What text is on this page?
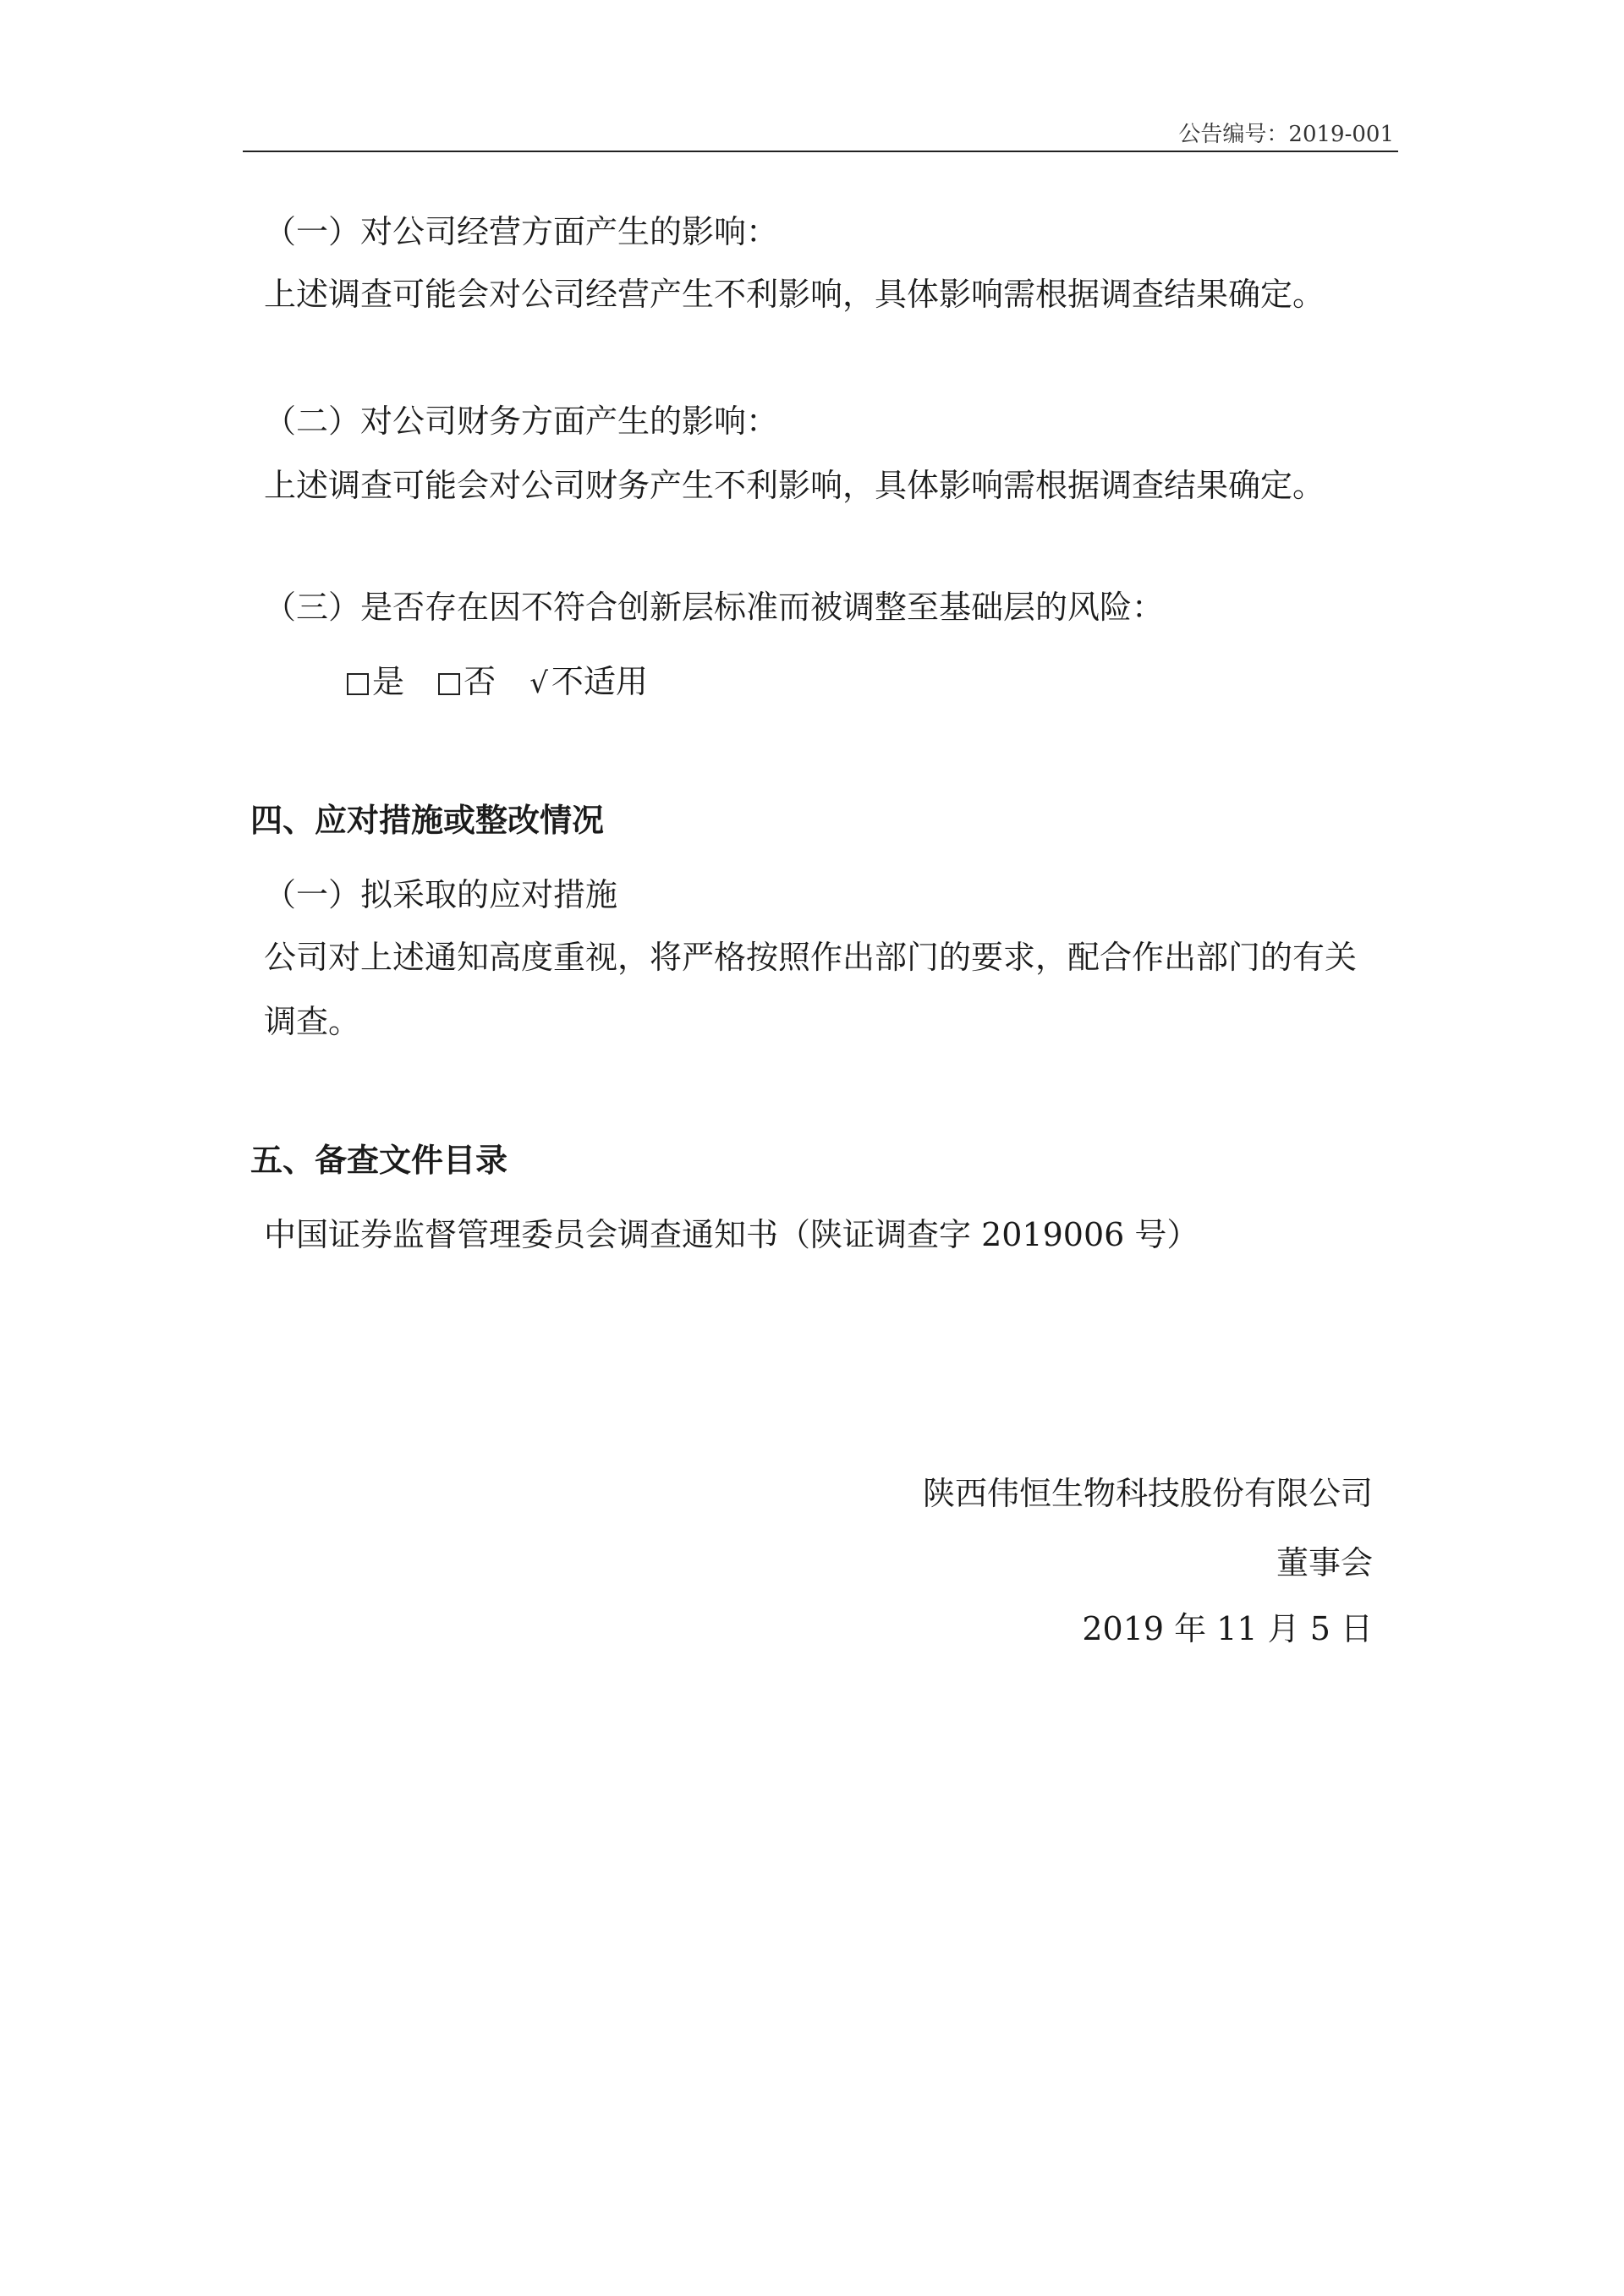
公告编号：2019-001
（一）对公司经营方面产生的影响：
上述调查可能会对公司经营产生不利影响，具体影响需根据调查结果确定。
（二）对公司财务方面产生的影响：
上述调查可能会对公司财务产生不利影响，具体影响需根据调查结果确定。
（三）是否存在因不符合创新层标准而被调整至基础层的风险：
是 否 √ 不适用
四、应对措施或整改情况
（一）拟采取的应对措施
公司对上述通知高度重视，将严格按照作出部门的要求，配合作出部门的有关
调查。
五、备查文件目录
中国证券监督管理委员会调查通知书（陕证调查字 2019006 号）
陕西伟恒生物科技股份有限公司
董事会
2019 年 11 月 5 日
